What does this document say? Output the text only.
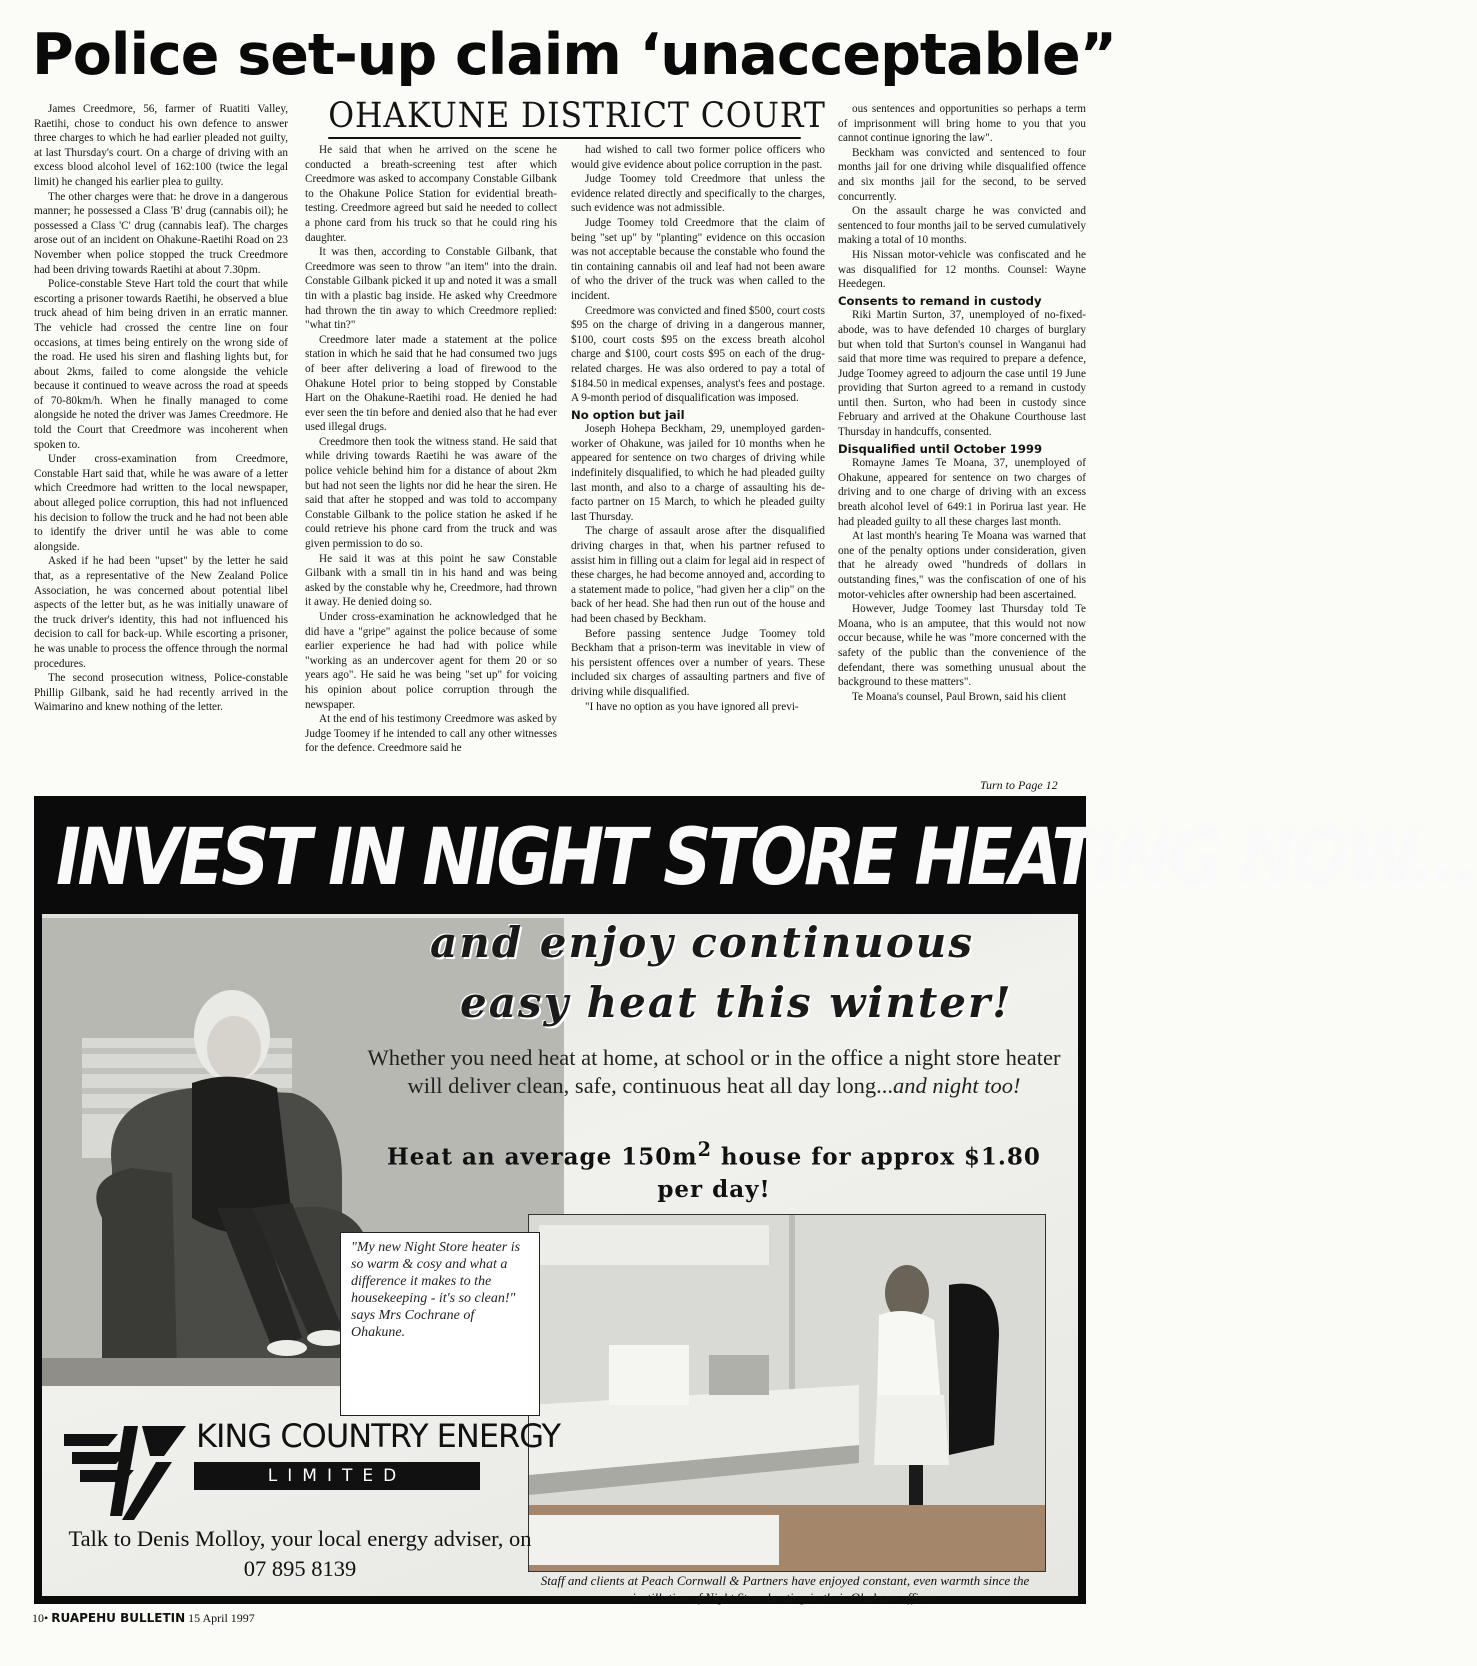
Police set-up claim ‘unacceptable”

James Creedmore, 56, farmer of Ruatiti Valley, Raetihi, chose to conduct his own defence to answer three charges to which he had earlier pleaded not guilty, at last Thursday's court. On a charge of driving with an excess blood alcohol level of 162:100 (twice the legal limit) he changed his earlier plea to guilty.

The other charges were that: he drove in a dangerous manner; he possessed a Class 'B' drug (cannabis oil); he possessed a Class 'C' drug (cannabis leaf). The charges arose out of an incident on Ohakune-Raetihi Road on 23 November when police stopped the truck Creedmore had been driving towards Raetihi at about 7.30pm.

Police-constable Steve Hart told the court that while escorting a prisoner towards Raetihi, he observed a blue truck ahead of him being driven in an erratic manner. The vehicle had crossed the centre line on four occasions, at times being entirely on the wrong side of the road. He used his siren and flashing lights but, for about 2kms, failed to come alongside the vehicle because it continued to weave across the road at speeds of 70-80km/h. When he finally managed to come alongside he noted the driver was James Creedmore. He told the Court that Creedmore was incoherent when spoken to.

Under cross-examination from Creedmore, Constable Hart said that, while he was aware of a letter which Creedmore had written to the local newspaper, about alleged police corruption, this had not influenced his decision to follow the truck and he had not been able to identify the driver until he was able to come alongside.

Asked if he had been "upset" by the letter he said that, as a representative of the New Zealand Police Association, he was concerned about potential libel aspects of the letter but, as he was initially unaware of the truck driver's identity, this had not influenced his decision to call for back-up. While escorting a prisoner, he was unable to process the offence through the normal procedures.

The second prosecution witness, Police-constable Phillip Gilbank, said he had recently arrived in the Waimarino and knew nothing of the letter.

OHAKUNE DISTRICT COURT

He said that when he arrived on the scene he conducted a breath-screening test after which Creedmore was asked to accompany Constable Gilbank to the Ohakune Police Station for evidential breath-testing. Creedmore agreed but said he needed to collect a phone card from his truck so that he could ring his daughter.

It was then, according to Constable Gilbank, that Creedmore was seen to throw "an item" into the drain. Constable Gilbank picked it up and noted it was a small tin with a plastic bag inside. He asked why Creedmore had thrown the tin away to which Creedmore replied: "what tin?"

Creedmore later made a statement at the police station in which he said that he had consumed two jugs of beer after delivering a load of firewood to the Ohakune Hotel prior to being stopped by Constable Hart on the Ohakune-Raetihi road. He denied he had ever seen the tin before and denied also that he had ever used illegal drugs.

Creedmore then took the witness stand. He said that while driving towards Raetihi he was aware of the police vehicle behind him for a distance of about 2km but had not seen the lights nor did he hear the siren. He said that after he stopped and was told to accompany Constable Gilbank to the police station he asked if he could retrieve his phone card from the truck and was given permission to do so.

He said it was at this point he saw Constable Gilbank with a small tin in his hand and was being asked by the constable why he, Creedmore, had thrown it away. He denied doing so.

Under cross-examination he acknowledged that he did have a "gripe" against the police because of some earlier experience he had had with police while "working as an undercover agent for them 20 or so years ago". He said he was being "set up" for voicing his opinion about police corruption through the newspaper.

At the end of his testimony Creedmore was asked by Judge Toomey if he intended to call any other witnesses for the defence. Creedmore said he

had wished to call two former police officers who would give evidence about police corruption in the past.

Judge Toomey told Creedmore that unless the evidence related directly and specifically to the charges, such evidence was not admissible.

Judge Toomey told Creedmore that the claim of being "set up" by "planting" evidence on this occasion was not acceptable because the constable who found the tin containing cannabis oil and leaf had not been aware of who the driver of the truck was when called to the incident.

Creedmore was convicted and fined $500, court costs $95 on the charge of driving in a dangerous manner, $100, court costs $95 on the excess breath alcohol charge and $100, court costs $95 on each of the drug-related charges. He was also ordered to pay a total of $184.50 in medical expenses, analyst's fees and postage. A 9-month period of disqualification was imposed.

No option but jail

Joseph Hohepa Beckham, 29, unemployed garden-worker of Ohakune, was jailed for 10 months when he appeared for sentence on two charges of driving while indefinitely disqualified, to which he had pleaded guilty last month, and also to a charge of assaulting his de-facto partner on 15 March, to which he pleaded guilty last Thursday.

The charge of assault arose after the disqualified driving charges in that, when his partner refused to assist him in filling out a claim for legal aid in respect of these charges, he had become annoyed and, according to a statement made to police, "had given her a clip" on the back of her head. She had then run out of the house and had been chased by Beckham.

Before passing sentence Judge Toomey told Beckham that a prison-term was inevitable in view of his persistent offences over a number of years. These included six charges of assaulting partners and five of driving while disqualified.

"I have no option as you have ignored all previ-

ous sentences and opportunities so perhaps a term of imprisonment will bring home to you that you cannot continue ignoring the law".

Beckham was convicted and sentenced to four months jail for one driving while disqualified offence and six months jail for the second, to be served concurrently.

On the assault charge he was convicted and sentenced to four months jail to be served cumulatively making a total of 10 months.

His Nissan motor-vehicle was confiscated and he was disqualified for 12 months. Counsel: Wayne Heedegen.

Consents to remand in custody

Riki Martin Surton, 37, unemployed of no-fixed-abode, was to have defended 10 charges of burglary but when told that Surton's counsel in Wanganui had said that more time was required to prepare a defence, Judge Toomey agreed to adjourn the case until 19 June providing that Surton agreed to a remand in custody until then. Surton, who had been in custody since February and arrived at the Ohakune Courthouse last Thursday in handcuffs, consented.

Disqualified until October 1999

Romayne James Te Moana, 37, unemployed of Ohakune, appeared for sentence on two charges of driving and to one charge of driving with an excess breath alcohol level of 649:1 in Porirua last year. He had pleaded guilty to all these charges last month.

At last month's hearing Te Moana was warned that one of the penalty options under consideration, given that he already owed "hundreds of dollars in outstanding fines," was the confiscation of one of his motor-vehicles after ownership had been ascertained.

However, Judge Toomey last Thursday told Te Moana, who is an amputee, that this would not now occur because, while he was "more concerned with the safety of the public than the convenience of the defendant, there was something unusual about the background to these matters".

Te Moana's counsel, Paul Brown, said his client

Turn to Page 12
INVEST IN NIGHT STORE HEATING NOW...
and enjoy continuous
easy heat this winter!
Whether you need heat at home, at school or in the office a night store heater will deliver clean, safe, continuous heat all day long...and night too!
Heat an average $150m^2$ house for approx $1.80 per day!
"My new Night Store heater is so warm & cosy and what a difference it makes to the housekeeping - it's so clean!" says Mrs Cochrane of Ohakune.
KING COUNTRY ENERGY
LIMITED
Talk to Denis Molloy, your local energy adviser, on 07 895 8139	Staff and clients at Peach Cornwall & Partners have enjoyed constant, even warmth since the instillation of Night Store heating in their Ohakune offices.
10• RUAPEHU BULLETIN 15 April 1997
